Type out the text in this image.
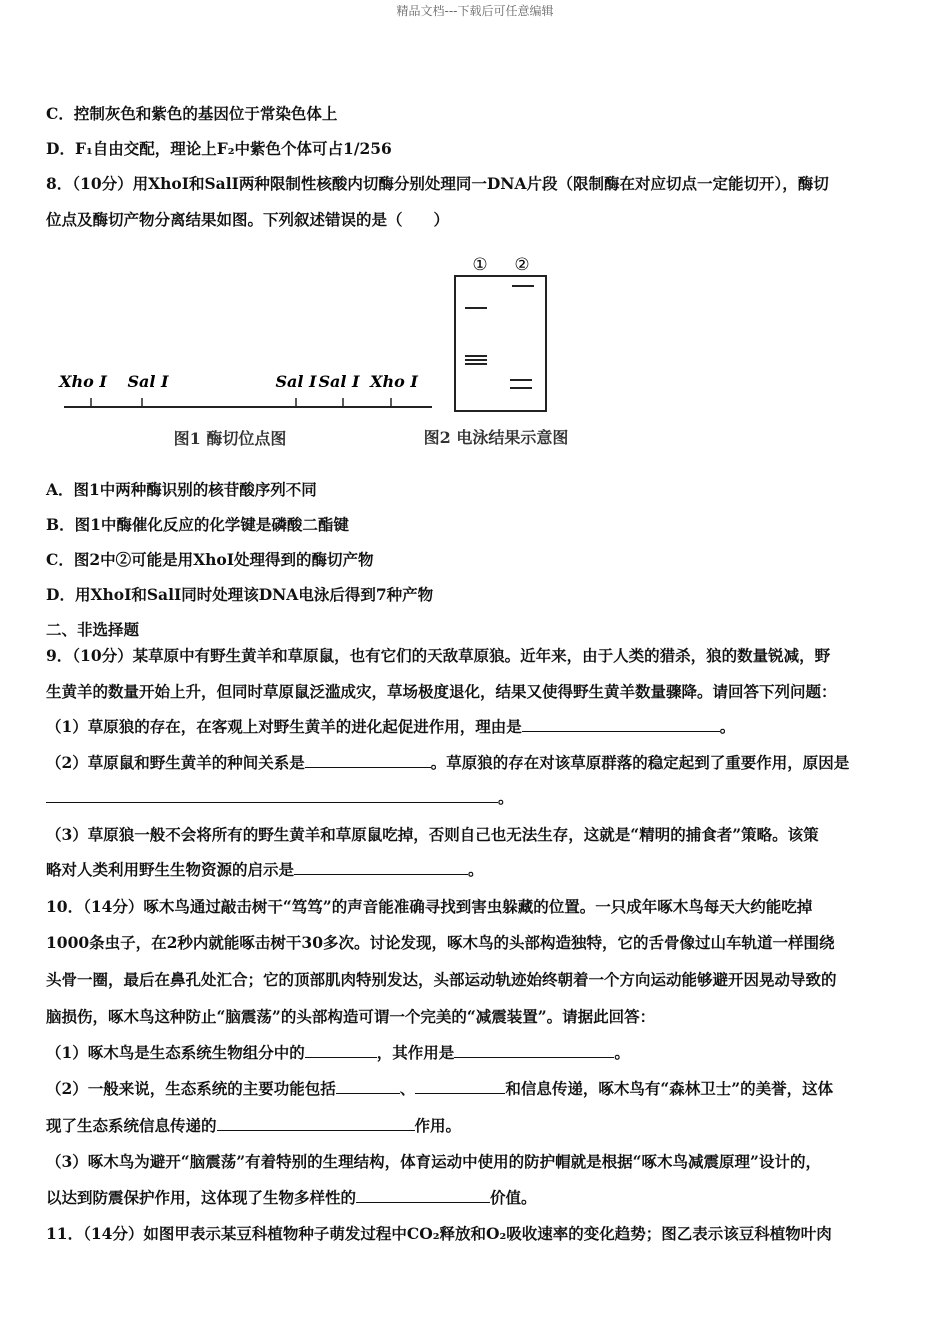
精品文档---下载后可任意编辑
C．控制灰色和紫色的基因位于常染色体上
D．F₁自由交配，理论上F₂中紫色个体可占1/256
8．（10分）用XhoI和SalI两种限制性核酸内切酶分别处理同一DNA片段（限制酶在对应切点一定能切开），酶切
位点及酶切产物分离结果如图。下列叙述错误的是（　　）
Xho I Sal I	Sal I Sal I Xho I
图1 酶切位点图
① ②
图2 电泳结果示意图
A．图1中两种酶识别的核苷酸序列不同
B．图1中酶催化反应的化学键是磷酸二酯键
C．图2中②可能是用XhoI处理得到的酶切产物
D．用XhoI和SalI同时处理该DNA电泳后得到7种产物
二、非选择题
9．（10分）某草原中有野生黄羊和草原鼠，也有它们的天敌草原狼。近年来，由于人类的猎杀，狼的数量锐减，野
生黄羊的数量开始上升，但同时草原鼠泛滥成灾，草场极度退化，结果又使得野生黄羊数量骤降。请回答下列问题：
（1）草原狼的存在，在客观上对野生黄羊的进化起促进作用，理由是	。
（2）草原鼠和野生黄羊的种间关系是	。草原狼的存在对该草原群落的稳定起到了重要作用，原因是
。
（3）草原狼一般不会将所有的野生黄羊和草原鼠吃掉，否则自己也无法生存，这就是“精明的捕食者”策略。该策
略对人类利用野生生物资源的启示是	。
10．（14分）啄木鸟通过敲击树干“笃笃”的声音能准确寻找到害虫躲藏的位置。一只成年啄木鸟每天大约能吃掉
1000条虫子，在2秒内就能啄击树干30多次。讨论发现，啄木鸟的头部构造独特，它的舌骨像过山车轨道一样围绕
头骨一圈，最后在鼻孔处汇合；它的顶部肌肉特别发达，头部运动轨迹始终朝着一个方向运动能够避开因晃动导致的
脑损伤，啄木鸟这种防止“脑震荡”的头部构造可谓一个完美的“减震装置”。请据此回答：
（1）啄木鸟是生态系统生物组分中的	，其作用是	。
（2）一般来说，生态系统的主要功能包括	、	和信息传递，啄木鸟有“森林卫士”的美誉，这体
现了生态系统信息传递的	作用。
（3）啄木鸟为避开“脑震荡”有着特别的生理结构，体育运动中使用的防护帽就是根据“啄木鸟减震原理”设计的，
以达到防震保护作用，这体现了生物多样性的	价值。
11．（14分）如图甲表示某豆科植物种子萌发过程中CO₂释放和O₂吸收速率的变化趋势；图乙表示该豆科植物叶肉
